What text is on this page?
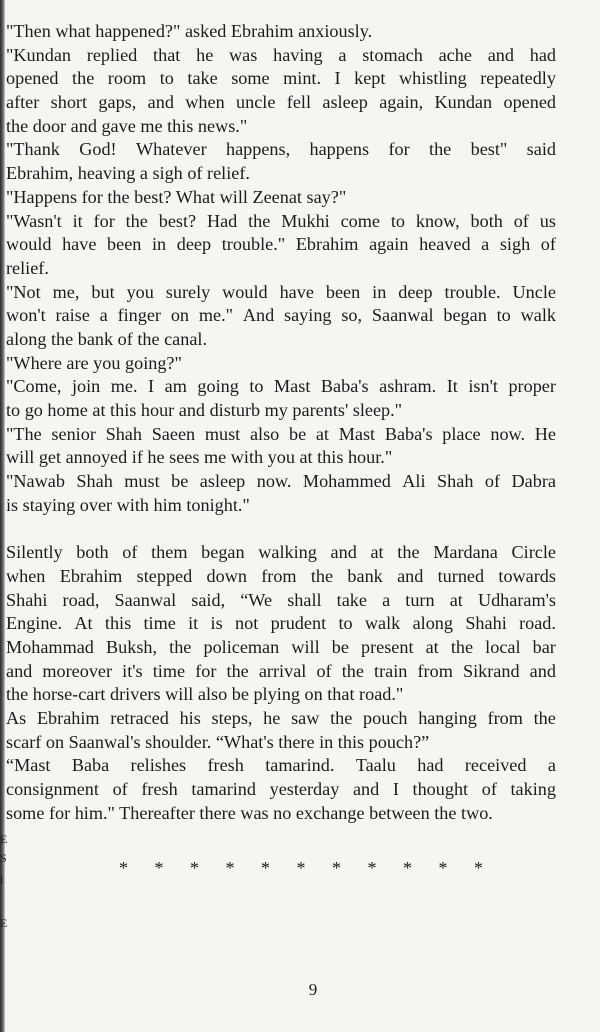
E
S
l
E
"Then what happened?" asked Ebrahim anxiously.
"Kundan replied that he was having a stomach ache and had
opened the room to take some mint. I kept whistling repeatedly
after short gaps, and when uncle fell asleep again, Kundan opened
the door and gave me this news."
"Thank God! Whatever happens, happens for the best" said
Ebrahim, heaving a sigh of relief.
"Happens for the best? What will Zeenat say?"
"Wasn't it for the best? Had the Mukhi come to know, both of us
would have been in deep trouble." Ebrahim again heaved a sigh of
relief.
"Not me, but you surely would have been in deep trouble. Uncle
won't raise a finger on me." And saying so, Saanwal began to walk
along the bank of the canal.
"Where are you going?"
"Come, join me. I am going to Mast Baba's ashram. It isn't proper
to go home at this hour and disturb my parents' sleep."
"The senior Shah Saeen must also be at Mast Baba's place now. He
will get annoyed if he sees me with you at this hour."
"Nawab Shah must be asleep now. Mohammed Ali Shah of Dabra
is staying over with him tonight."
Silently both of them began walking and at the Mardana Circle
when Ebrahim stepped down from the bank and turned towards
Shahi road, Saanwal said, “We shall take a turn at Udharam's
Engine. At this time it is not prudent to walk along Shahi road.
Mohammad Buksh, the policeman will be present at the local bar
and moreover it's time for the arrival of the train from Sikrand and
the horse-cart drivers will also be plying on that road."
As Ebrahim retraced his steps, he saw the pouch hanging from the
scarf on Saanwal's shoulder. “What's there in this pouch?”
“Mast Baba relishes fresh tamarind. Taalu had received a
consignment of fresh tamarind yesterday and I thought of taking
some for him." Thereafter there was no exchange between the two.
* * * * * * * * * * *
9
